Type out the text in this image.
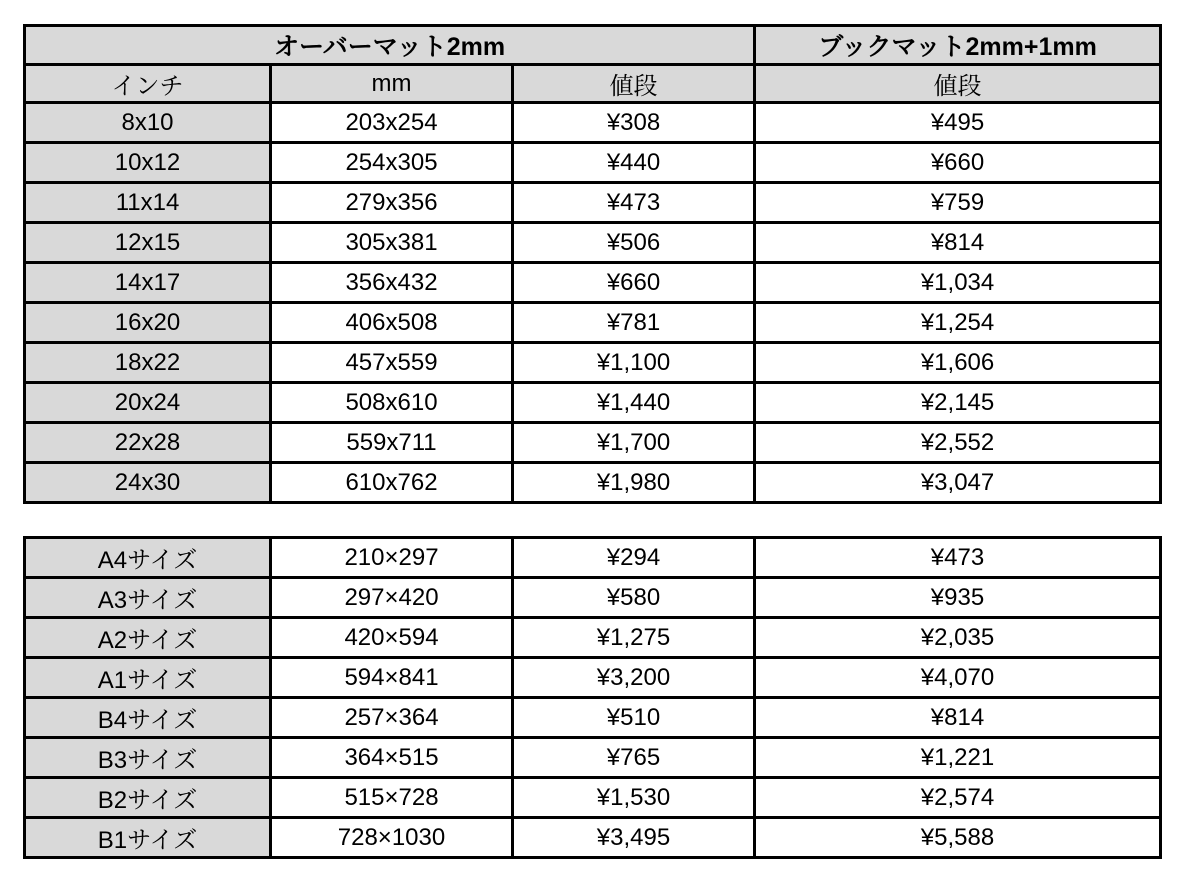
オーバーマット2mm			ブックマット2mm+1mm
インチ	mm	値段	値段
8x10	203x254	¥308	¥495
10x12	254x305	¥440	¥660
11x14	279x356	¥473	¥759
12x15	305x381	¥506	¥814
14x17	356x432	¥660	¥1,034
16x20	406x508	¥781	¥1,254
18x22	457x559	¥1,100	¥1,606
20x24	508x610	¥1,440	¥2,145
22x28	559x711	¥1,700	¥2,552
24x30	610x762	¥1,980	¥3,047
A4サイズ	210×297	¥294	¥473
A3サイズ	297×420	¥580	¥935
A2サイズ	420×594	¥1,275	¥2,035
A1サイズ	594×841	¥3,200	¥4,070
B4サイズ	257×364	¥510	¥814
B3サイズ	364×515	¥765	¥1,221
B2サイズ	515×728	¥1,530	¥2,574
B1サイズ	728×1030	¥3,495	¥5,588
